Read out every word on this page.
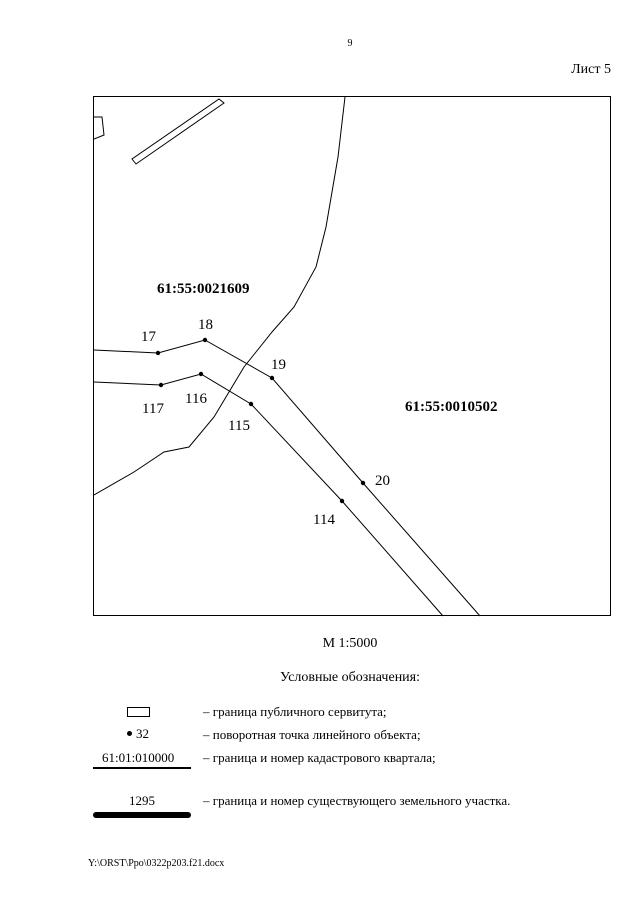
9
Лист 5
17
18
19
20
114
115
116
117
61:55:0021609
61:55:0010502
М 1:5000
Условные обозначения:
– граница публичного сервитута;
32	– поворотная точка линейного объекта;
61:01:010000 – граница и номер кадастрового квартала;
1295	– граница и номер существующего земельного участка.
Y:\ORST\Ppo\0322p203.f21.docx
